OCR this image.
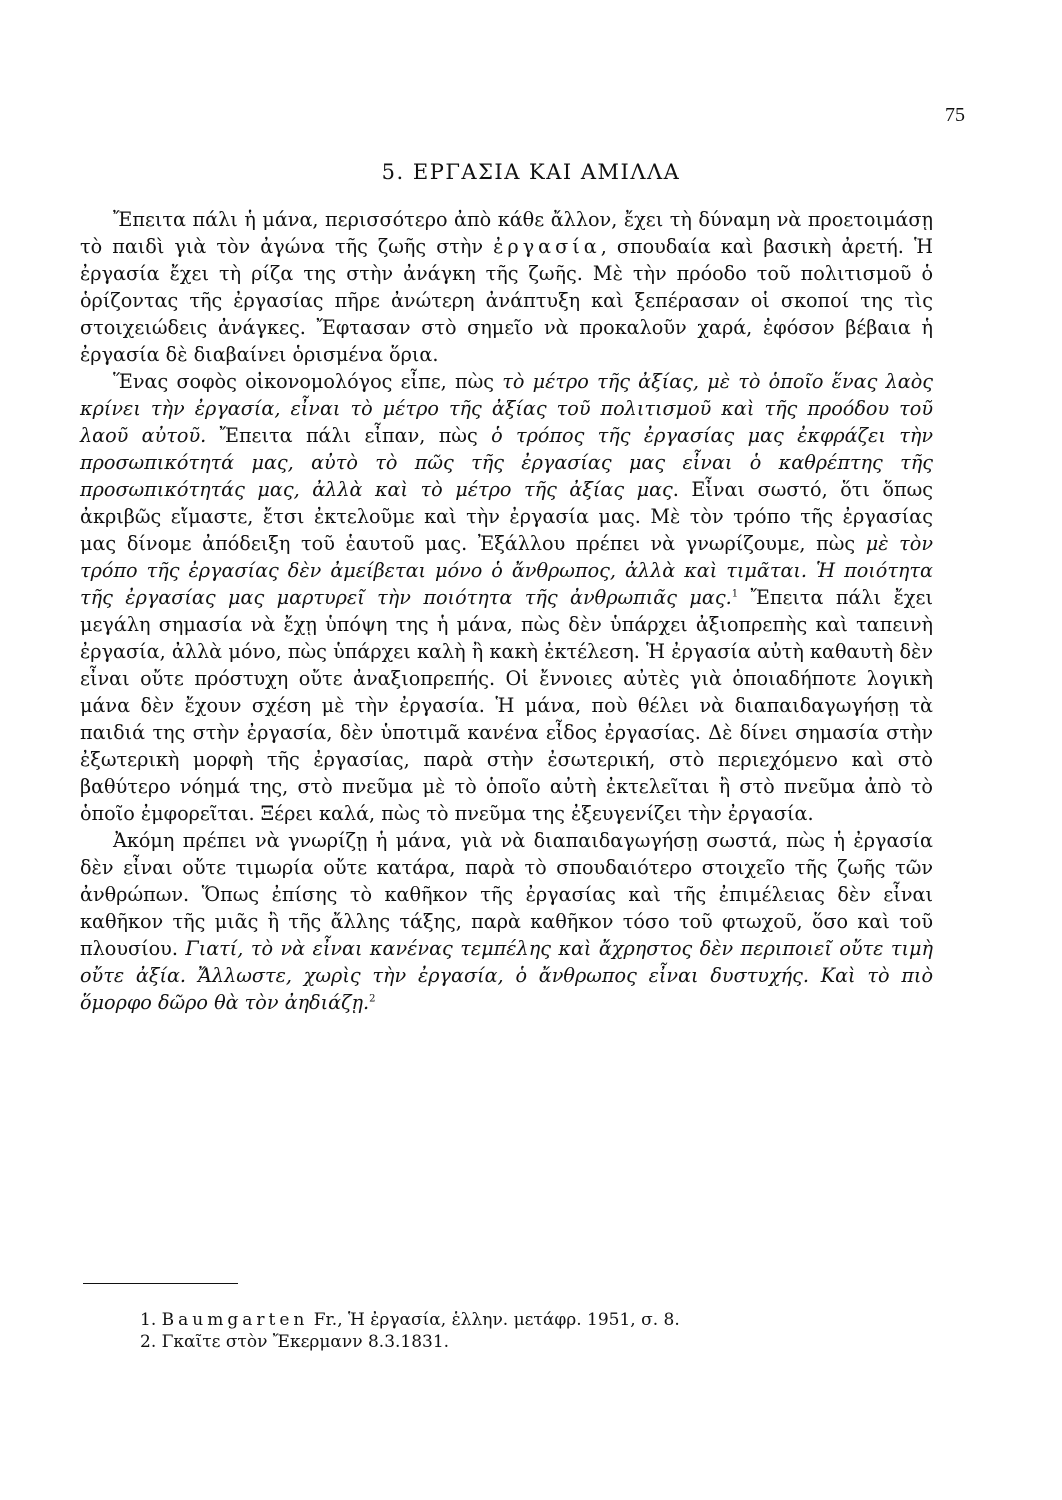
75
5. ΕΡΓΑΣΙΑ ΚΑΙ ΑΜΙΛΛΑ

Ἔπειτα πάλι ἡ μάνα, περισσότερο ἀπὸ κάθε ἄλλον, ἔχει τὴ δύναμη νὰ προετοιμάσῃ τὸ παιδὶ γιὰ τὸν ἀγώνα τῆς ζωῆς στὴν ἐργασία, σπουδαία καὶ βασικὴ ἀρετή. Ἡ ἐργασία ἔχει τὴ ρίζα της στὴν ἀνάγκη τῆς ζωῆς. Μὲ τὴν πρόοδο τοῦ πολιτισμοῦ ὁ ὁρίζοντας τῆς ἐργασίας πῆρε ἀνώτερη ἀνάπτυξη καὶ ξεπέρασαν οἱ σκοποί της τὶς στοιχειώδεις ἀνάγκες. Ἔφτασαν στὸ σημεῖο νὰ προκαλοῦν χαρά, ἐφόσον βέβαια ἡ ἐργασία δὲ διαβαίνει ὁρισμένα ὅρια.

Ἕνας σοφὸς οἰκονομολόγος εἶπε, πὼς τὸ μέτρο τῆς ἀξίας, μὲ τὸ ὁποῖο ἕνας λαὸς κρίνει τὴν ἐργασία, εἶναι τὸ μέτρο τῆς ἀξίας τοῦ πολιτισμοῦ καὶ τῆς προόδου τοῦ λαοῦ αὐτοῦ. Ἔπειτα πάλι εἶπαν, πὼς ὁ τρόπος τῆς ἐργασίας μας ἐκφράζει τὴν προσωπικότητά μας, αὐτὸ τὸ πῶς τῆς ἐργασίας μας εἶναι ὁ καθρέπτης τῆς προσωπικότητάς μας, ἀλλὰ καὶ τὸ μέτρο τῆς ἀξίας μας. Εἶναι σωστό, ὅτι ὅπως ἀκριβῶς εἴμαστε, ἔτσι ἐκτελοῦμε καὶ τὴν ἐργασία μας. Μὲ τὸν τρόπο τῆς ἐργασίας μας δίνομε ἀπόδειξη τοῦ ἑαυτοῦ μας. Ἐξάλλου πρέπει νὰ γνωρίζουμε, πὼς μὲ τὸν τρόπο τῆς ἐργασίας δὲν ἀμείβεται μόνο ὁ ἄνθρωπος, ἀλλὰ καὶ τιμᾶται. Ἡ ποιότητα τῆς ἐργασίας μας μαρτυρεῖ τὴν ποιότητα τῆς ἀνθρωπιᾶς μας.$^1$ Ἔπειτα πάλι ἔχει μεγάλη σημασία νὰ ἔχῃ ὑπόψη της ἡ μάνα, πὼς δὲν ὑπάρχει ἀξιοπρεπὴς καὶ ταπεινὴ ἐργασία, ἀλλὰ μόνο, πὼς ὑπάρχει καλὴ ἢ κακὴ ἐκτέλεση. Ἡ ἐργασία αὐτὴ καθαυτὴ δὲν εἶναι οὔτε πρόστυχη οὔτε ἀναξιοπρεπής. Οἱ ἔννοιες αὐτὲς γιὰ ὁποιαδήποτε λογικὴ μάνα δὲν ἔχουν σχέση μὲ τὴν ἐργασία. Ἡ μάνα, ποὺ θέλει νὰ διαπαιδαγωγήσῃ τὰ παιδιά της στὴν ἐργασία, δὲν ὑποτιμᾶ κανένα εἶδος ἐργασίας. Δὲ δίνει σημασία στὴν ἐξωτερικὴ μορφὴ τῆς ἐργασίας, παρὰ στὴν ἐσωτερική, στὸ περιεχόμενο καὶ στὸ βαθύτερο νόημά της, στὸ πνεῦμα μὲ τὸ ὁποῖο αὐτὴ ἐκτελεῖται ἢ στὸ πνεῦμα ἀπὸ τὸ ὁποῖο ἐμφορεῖται. Ξέρει καλά, πὼς τὸ πνεῦμα της ἐξευγενίζει τὴν ἐργασία.

Ἀκόμη πρέπει νὰ γνωρίζῃ ἡ μάνα, γιὰ νὰ διαπαιδαγωγήσῃ σωστά, πὼς ἡ ἐργασία δὲν εἶναι οὔτε τιμωρία οὔτε κατάρα, παρὰ τὸ σπουδαιότερο στοιχεῖο τῆς ζωῆς τῶν ἀνθρώπων. Ὅπως ἐπίσης τὸ καθῆκον τῆς ἐργασίας καὶ τῆς ἐπιμέλειας δὲν εἶναι καθῆκον τῆς μιᾶς ἢ τῆς ἄλλης τάξης, παρὰ καθῆκον τόσο τοῦ φτωχοῦ, ὅσο καὶ τοῦ πλουσίου. Γιατί, τὸ νὰ εἶναι κανένας τεμπέλης καὶ ἄχρηστος δὲν περιποιεῖ οὔτε τιμὴ οὔτε ἀξία. Ἄλλωστε, χωρὶς τὴν ἐργασία, ὁ ἄνθρωπος εἶναι δυστυχής. Καὶ τὸ πιὸ ὅμορφο δῶρο θὰ τὸν ἀηδιάζῃ.$^2$

1. Baumgarten Fr., Ἡ ἐργασία, ἑλλην. μετάφρ. 1951, σ. 8.
2. Γκαῖτε στὸν Ἔκερμανν 8.3.1831.
